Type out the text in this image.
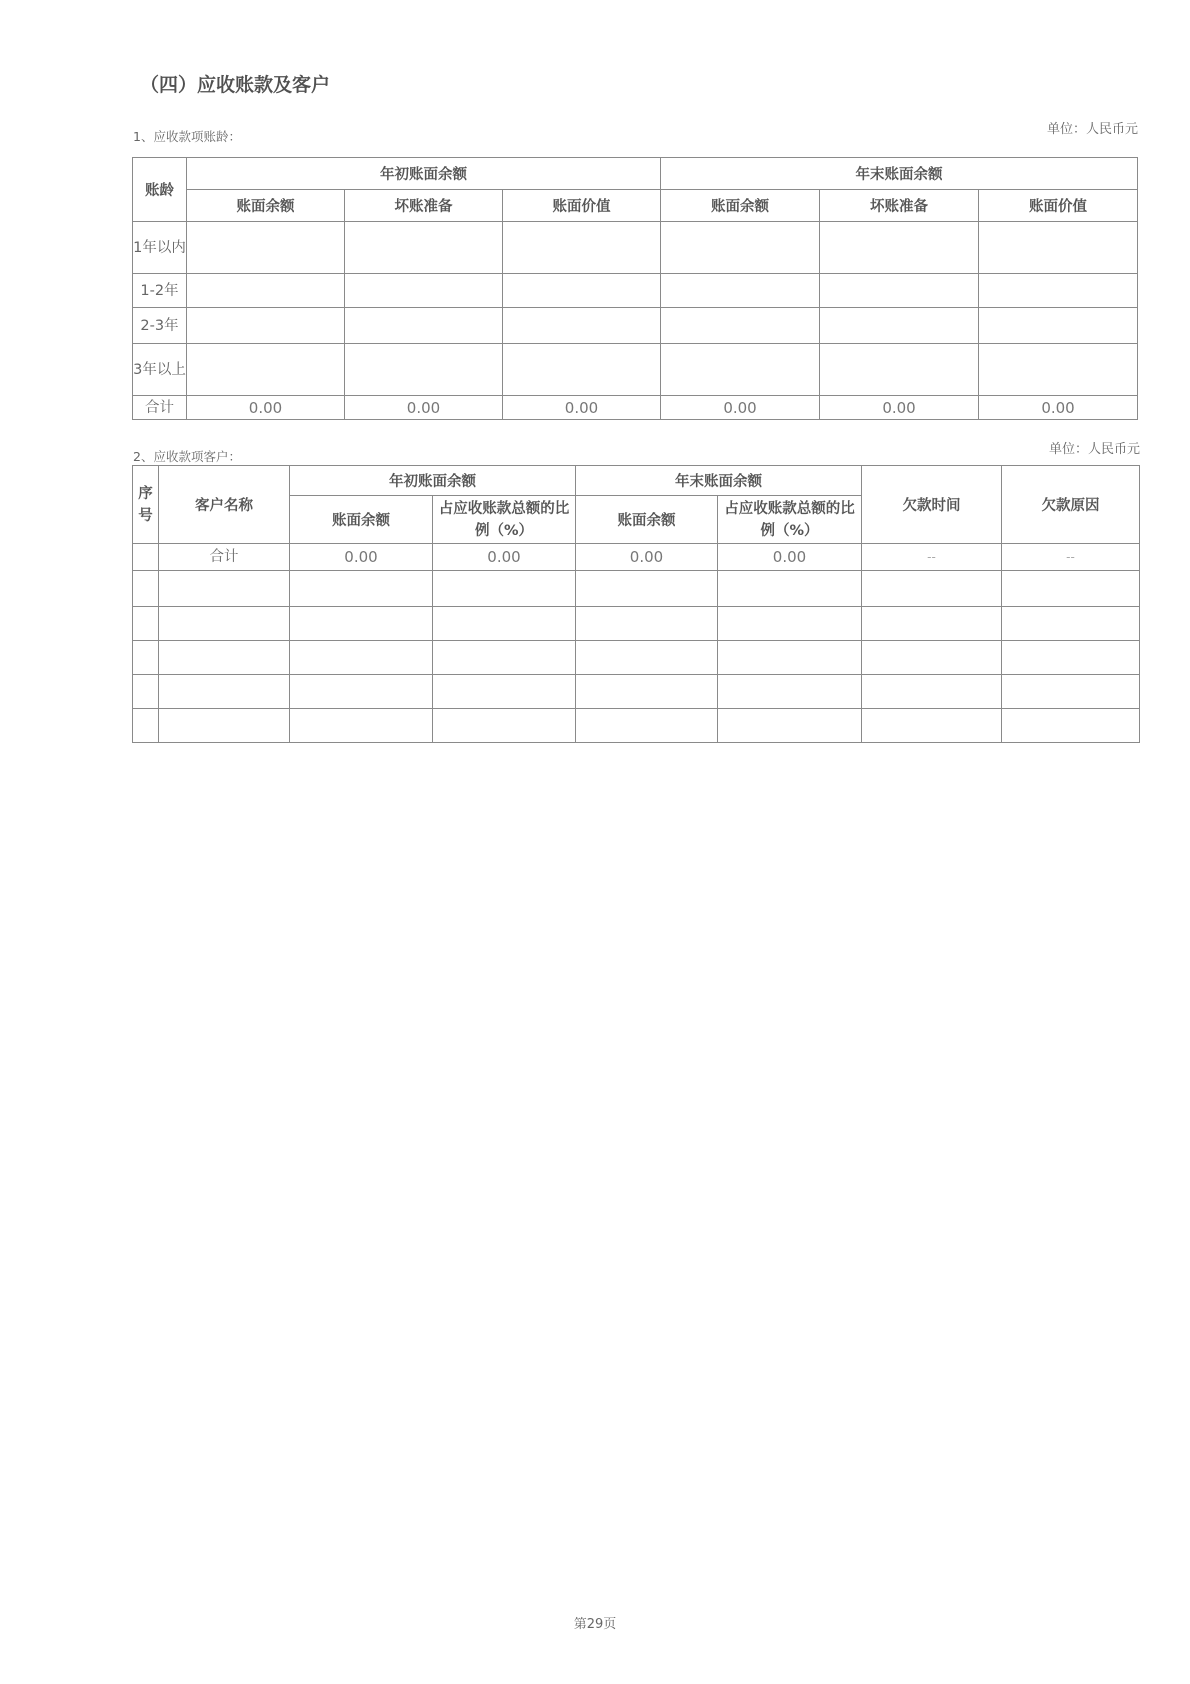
（四）应收账款及客户
1、应收款项账龄：	单位：人民币元
账龄	年初账面余额			年末账面余额		
	账面余额	坏账准备	账面价值	账面余额	坏账准备	账面价值
1年以内						
1-2年						
2-3年						
3年以上						
合计	0.00	0.00	0.00	0.00	0.00	0.00
2、应收款项客户：	单位：人民币元
序号	客户名称	年初账面余额		年末账面余额		欠款时间	欠款原因
		账面余额	占应收账款总额的比例（%）	账面余额	占应收账款总额的比例（%）		
	合计	0.00	0.00	0.00	0.00	--	--

第29页
